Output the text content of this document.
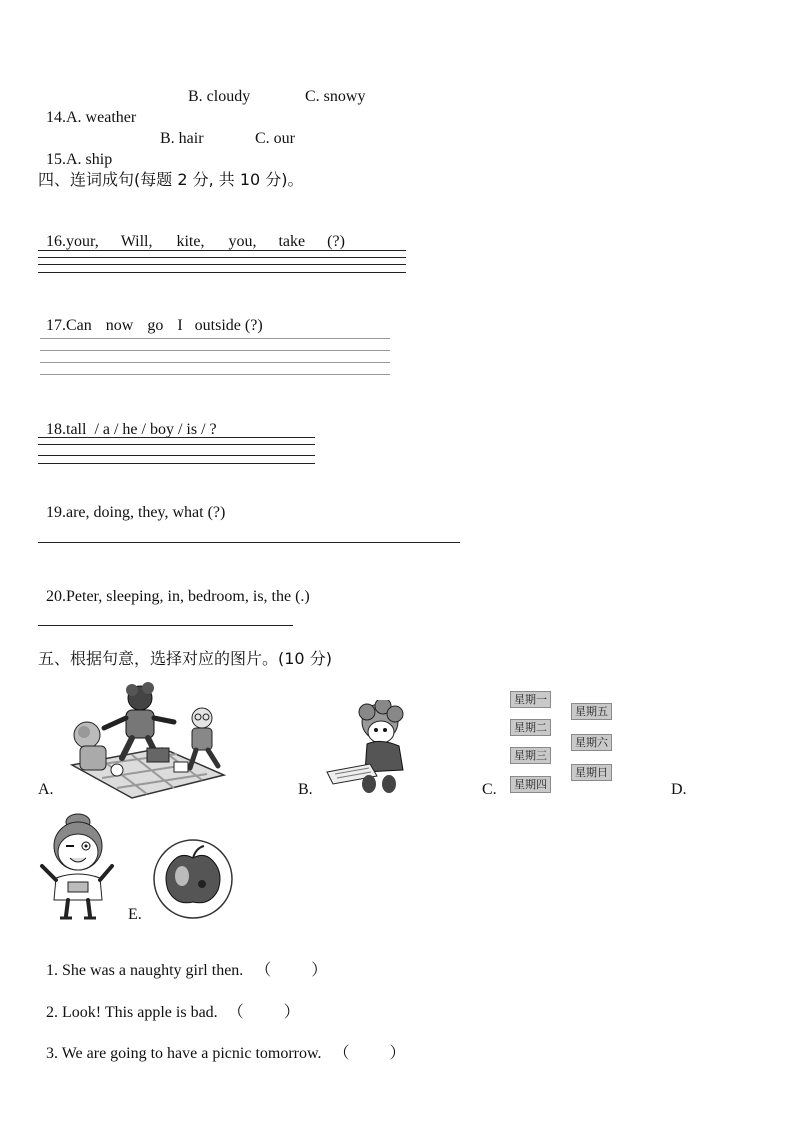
14.A. weather

B. cloudy	C. snowy

15.A. ship

B. hair	C. our
四、连词成句(每题 2 分, 共 10 分)。

16.your, Will, kite, you, take (?)

17.Can now go I outside (?)

18.tall  / a / he / boy / is / ?

19.are, doing, they, what (?)

20.Peter, sleeping, in, bedroom, is, the (.)

五、根据句意，选择对应的图片。(10 分)
A.	B.	C.
星期一
星期二
星期三
星期四
星期五
星期六
星期日
D.
E.

1. She was a naughty girl then. （          ）

2. Look! This apple is bad. （          ）

3. We are going to have a picnic tomorrow. （          ）
